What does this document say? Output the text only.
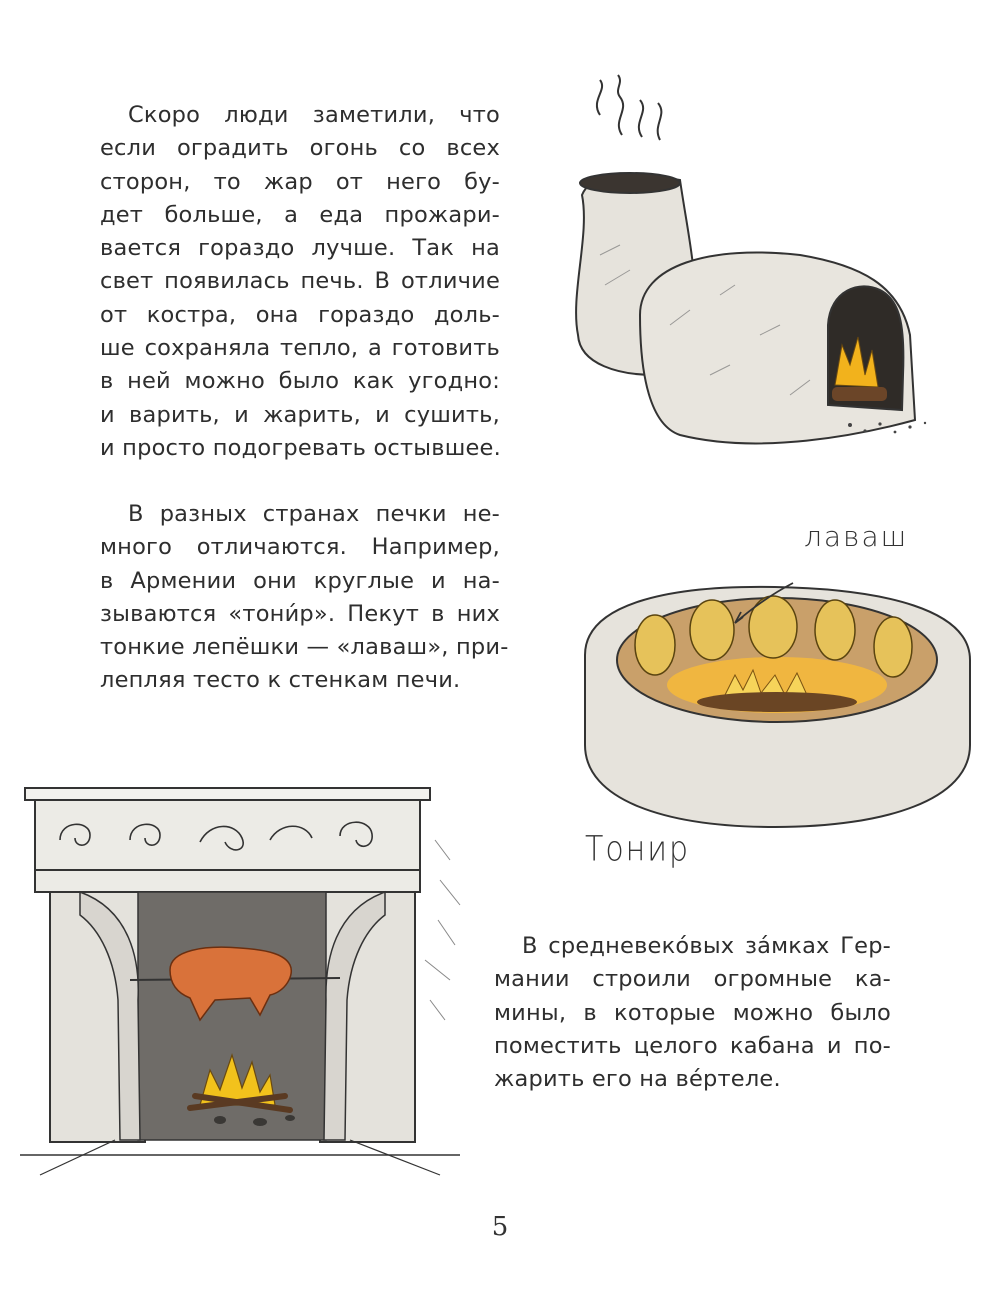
Скоро люди заметили, что
если оградить огонь со всех
сторон, то жар от него бу-
дет больше, а еда прожари-
вается гораздо лучше. Так на
свет появилась печь. В отличие
от костра, она гораздо доль-
ше сохраняла тепло, а готовить
в ней можно было как угодно:
и варить, и жарить, и сушить,
и просто подогревать остывшее.
В разных странах печки не-
много отличаются. Например,
в Армении они круглые и на-
зываются «тони́р». Пекут в них
тонкие лепёшки — «лаваш», при-
лепляя тесто к стенкам печи.
В средневеко́вых за́мках Гер-
мании строили огромные ка-
мины, в которые можно было
поместить целого кабана и по-
жарить его на ве́ртеле.
лаваш
Тонир
5
